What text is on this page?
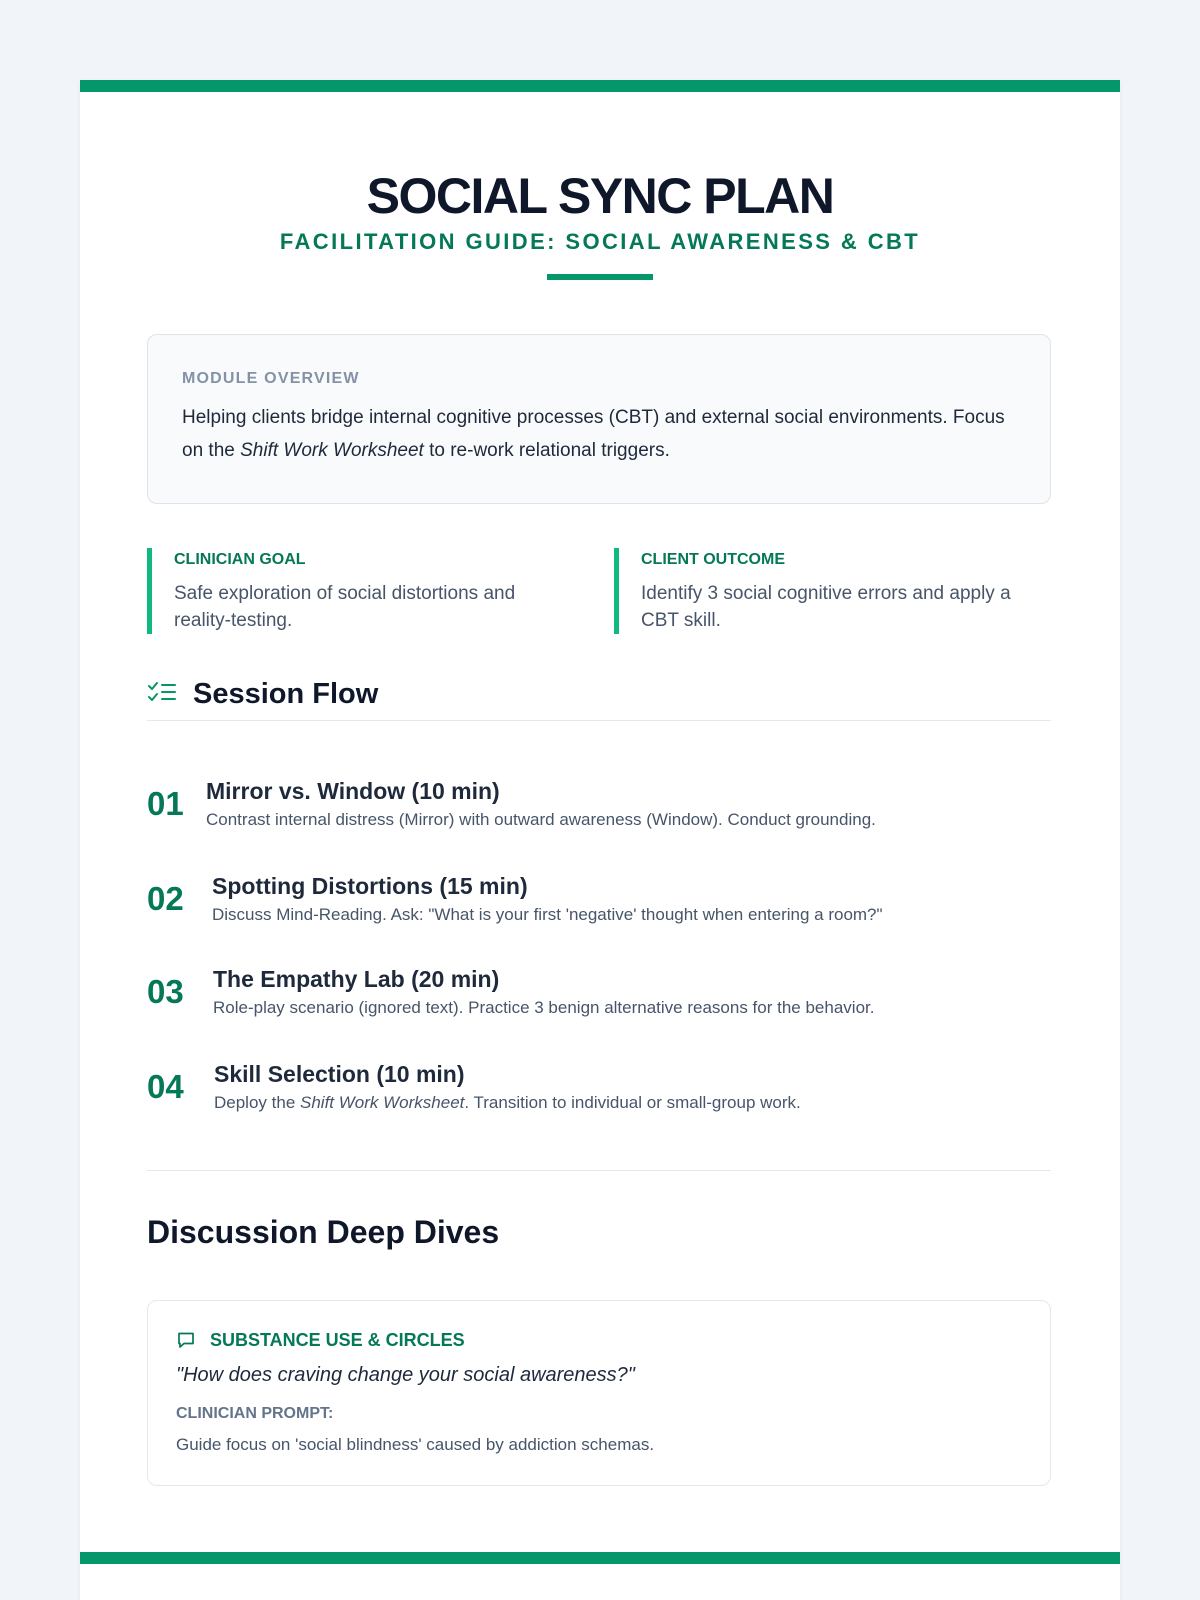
SOCIAL SYNC PLAN
FACILITATION GUIDE: SOCIAL AWARENESS & CBT
MODULE OVERVIEW
Helping clients bridge internal cognitive processes (CBT) and external social environments. Focus on the Shift Work Worksheet to re-work relational triggers.
CLINICIAN GOAL
Safe exploration of social distortions and reality-testing.
CLIENT OUTCOME
Identify 3 social cognitive errors and apply a CBT skill.
Session Flow
01 Mirror vs. Window (10 min)
Contrast internal distress (Mirror) with outward awareness (Window). Conduct grounding.
02 Spotting Distortions (15 min)
Discuss Mind-Reading. Ask: "What is your first 'negative' thought when entering a room?"
03 The Empathy Lab (20 min)
Role-play scenario (ignored text). Practice 3 benign alternative reasons for the behavior.
04 Skill Selection (10 min)
Deploy the Shift Work Worksheet. Transition to individual or small-group work.
Discussion Deep Dives
SUBSTANCE USE & CIRCLES
"How does craving change your social awareness?"
CLINICIAN PROMPT:
Guide focus on 'social blindness' caused by addiction schemas.
